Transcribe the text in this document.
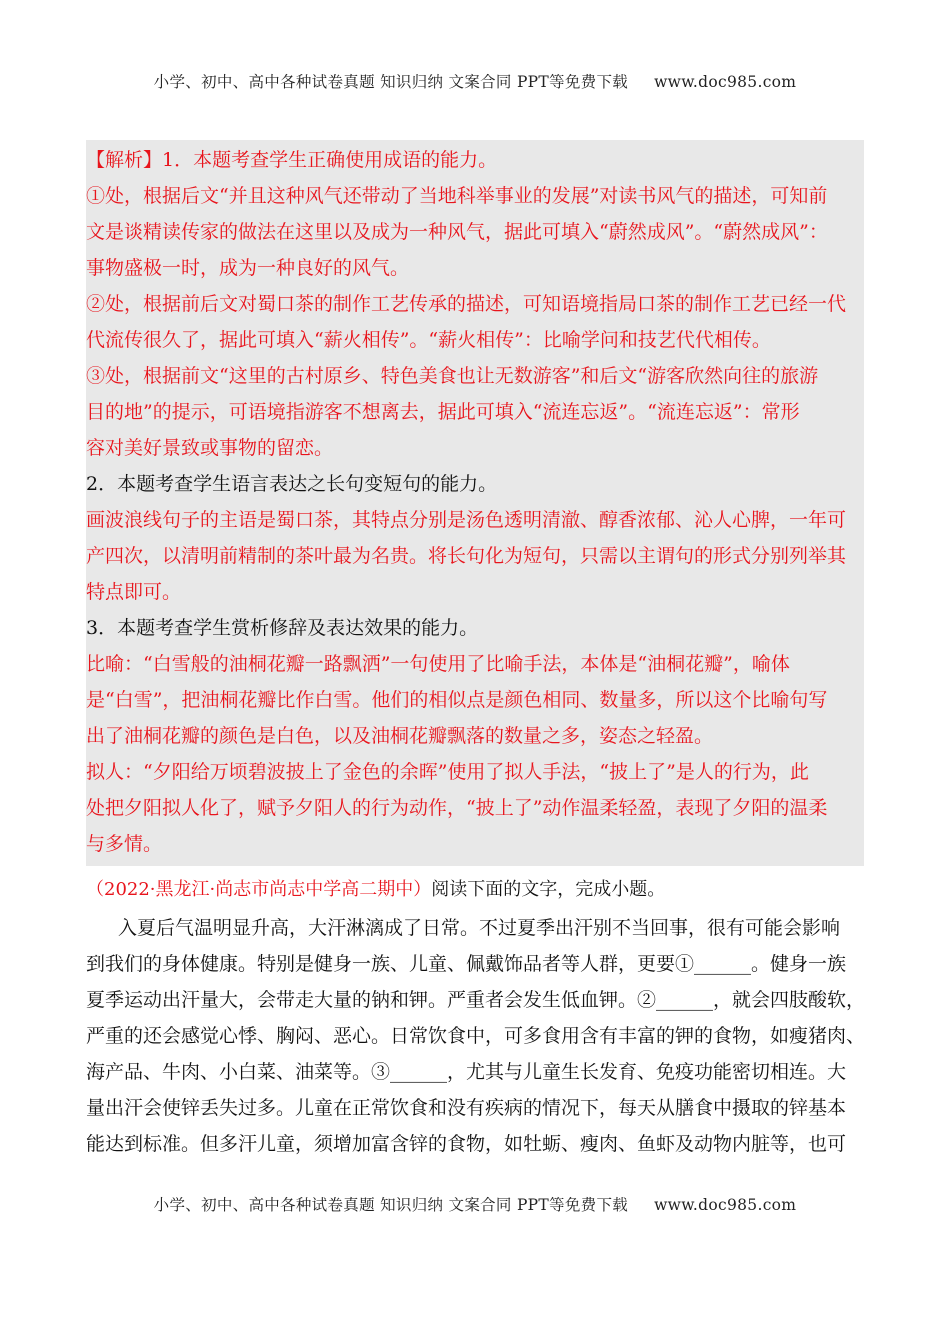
小学、初中、高中各种试卷真题 知识归纳 文案合同 PPT等免费下载 www.doc985.com

【解析】1．本题考查学生正确使用成语的能力。

①处，根据后文“并且这种风气还带动了当地科举事业的发展”对读书风气的描述，可知前

文是谈精读传家的做法在这里以及成为一种风气，据此可填入“蔚然成风”。“蔚然成风”：

事物盛极一时，成为一种良好的风气。

②处，根据前后文对蜀口茶的制作工艺传承的描述，可知语境指局口茶的制作工艺已经一代

代流传很久了，据此可填入“薪火相传”。“薪火相传”：比喻学问和技艺代代相传。

③处，根据前文“这里的古村原乡、特色美食也让无数游客”和后文“游客欣然向往的旅游

目的地”的提示，可语境指游客不想离去，据此可填入“流连忘返”。“流连忘返”：常形

容对美好景致或事物的留恋。

2．本题考查学生语言表达之长句变短句的能力。

画波浪线句子的主语是蜀口茶，其特点分别是汤色透明清澈、醇香浓郁、沁人心脾，一年可

产四次，以清明前精制的茶叶最为名贵。将长句化为短句，只需以主谓句的形式分别列举其

特点即可。

3．本题考查学生赏析修辞及表达效果的能力。

比喻：“白雪般的油桐花瓣一路飘洒”一句使用了比喻手法，本体是“油桐花瓣”，喻体

是“白雪”，把油桐花瓣比作白雪。他们的相似点是颜色相同、数量多，所以这个比喻句写

出了油桐花瓣的颜色是白色，以及油桐花瓣飘落的数量之多，姿态之轻盈。

拟人：“夕阳给万顷碧波披上了金色的余晖”使用了拟人手法，“披上了”是人的行为，此

处把夕阳拟人化了，赋予夕阳人的行为动作，“披上了”动作温柔轻盈，表现了夕阳的温柔

与多情。

（2022·黑龙江·尚志市尚志中学高二期中）阅读下面的文字，完成小题。

入夏后气温明显升高，大汗淋漓成了日常。不过夏季出汗别不当回事，很有可能会影响

到我们的身体健康。特别是健身一族、儿童、佩戴饰品者等人群，更要①______。健身一族

夏季运动出汗量大，会带走大量的钠和钾。严重者会发生低血钾。②______，就会四肢酸软，

严重的还会感觉心悸、胸闷、恶心。日常饮食中，可多食用含有丰富的钾的食物，如瘦猪肉、

海产品、牛肉、小白菜、油菜等。③______，尤其与儿童生长发育、免疫功能密切相连。大

量出汗会使锌丢失过多。儿童在正常饮食和没有疾病的情况下，每天从膳食中摄取的锌基本

能达到标准。但多汗儿童，须增加富含锌的食物，如牡蛎、瘦肉、鱼虾及动物内脏等，也可

小学、初中、高中各种试卷真题 知识归纳 文案合同 PPT等免费下载 www.doc985.com
